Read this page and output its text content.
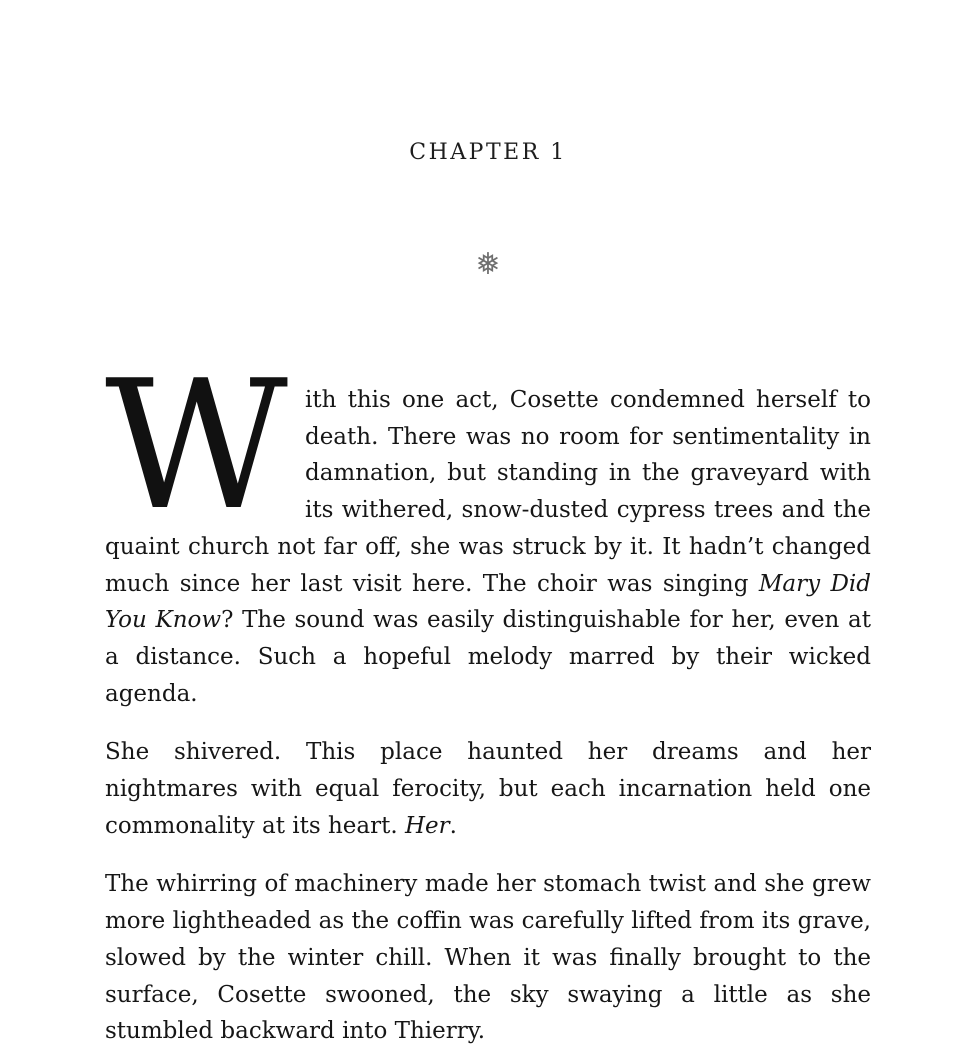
CHAPTER 1
❅

With this one act, Cosette condemned herself to death. There was no room for sentimentality in damnation, but standing in the graveyard with its withered, snow-dusted cypress trees and the quaint church not far off, she was struck by it. It hadn’t changed much since her last visit here. The choir was singing Mary Did You Know? The sound was easily distinguishable for her, even at a distance. Such a hopeful melody marred by their wicked agenda.

She shivered. This place haunted her dreams and her nightmares with equal ferocity, but each incarnation held one commonality at its heart. Her.

The whirring of machinery made her stomach twist and she grew more lightheaded as the coffin was carefully lifted from its grave, slowed by the winter chill. When it was finally brought to the surface, Cosette swooned, the sky swaying a little as she stumbled backward into Thierry.
